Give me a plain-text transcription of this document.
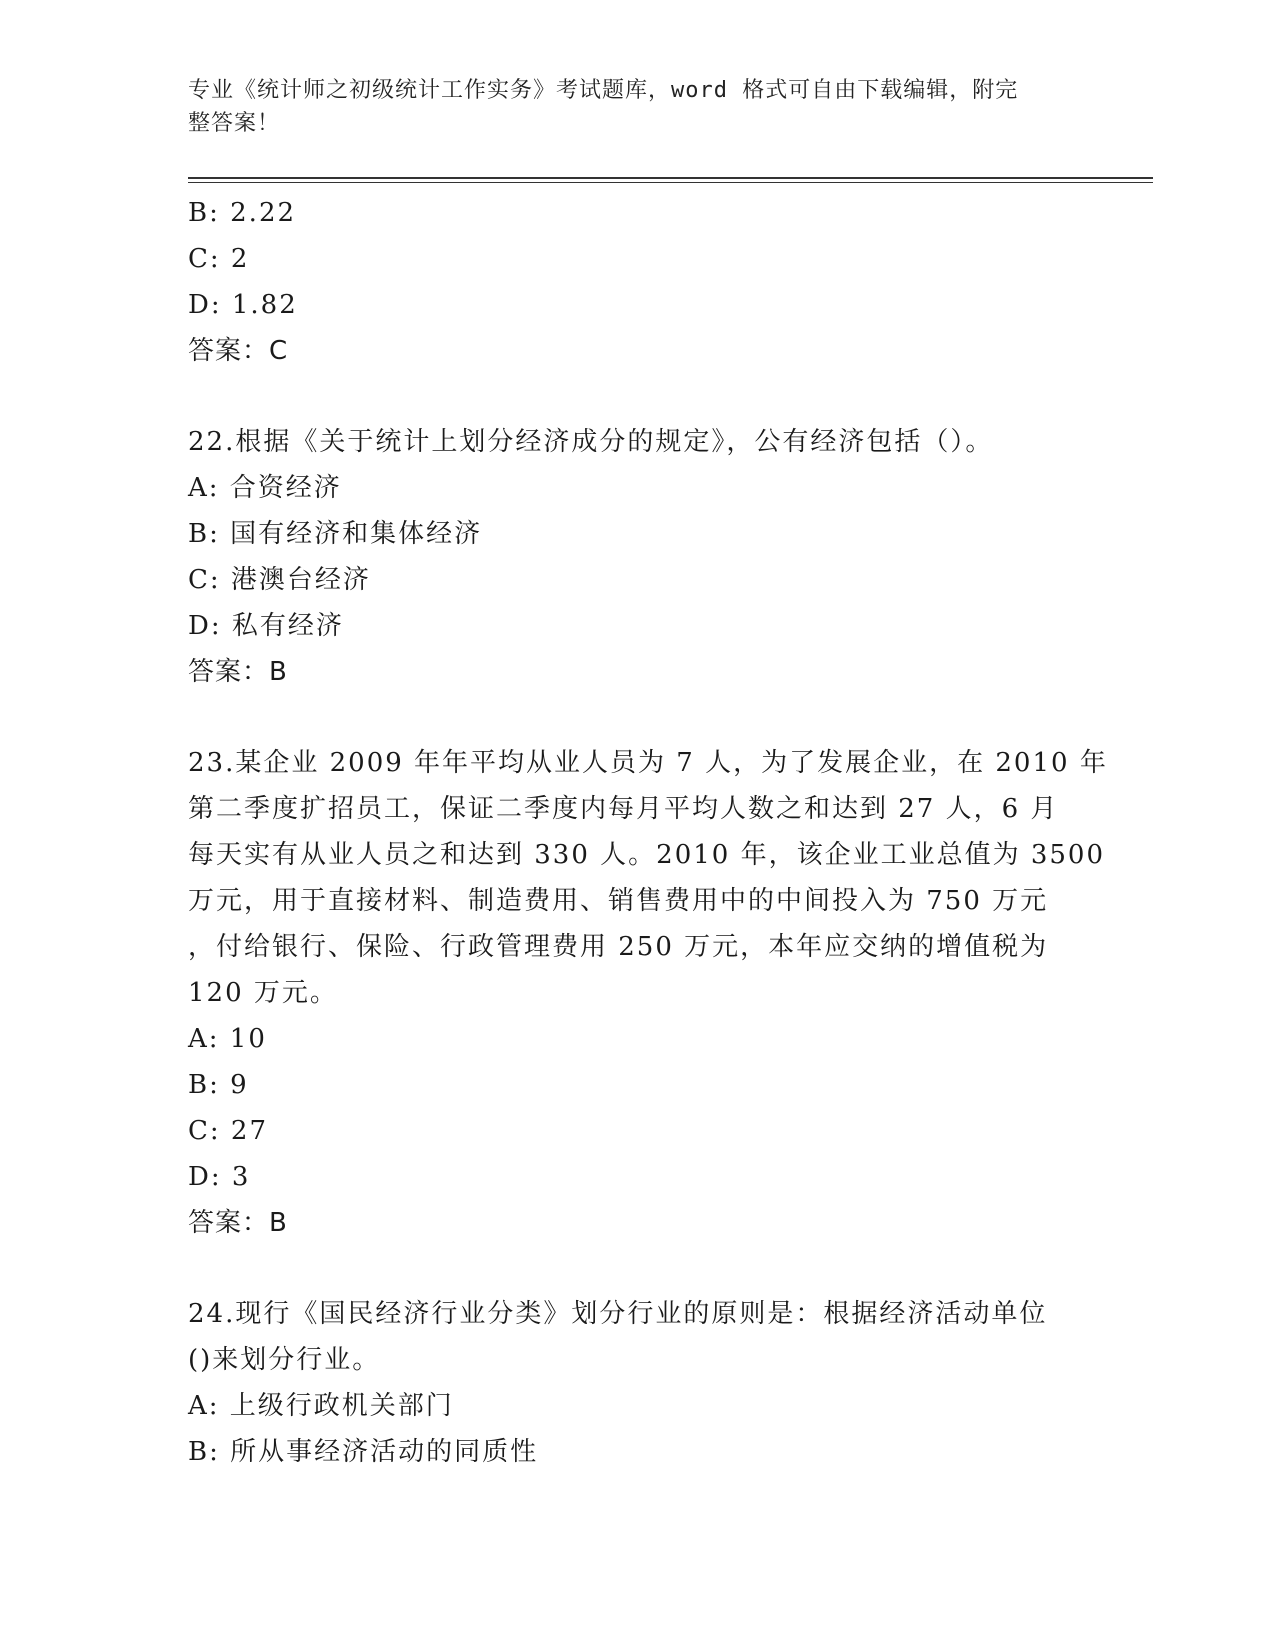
专业《统计师之初级统计工作实务》考试题库，word 格式可自由下载编辑，附完
整答案！
B: 2.22
C: 2
D: 1.82
答案：C
22.根据《关于统计上划分经济成分的规定》，公有经济包括（）。
A: 合资经济
B: 国有经济和集体经济
C: 港澳台经济
D: 私有经济
答案：B
23.某企业 2009 年年平均从业人员为 7 人，为了发展企业，在 2010 年
第二季度扩招员工，保证二季度内每月平均人数之和达到 27 人，6 月
每天实有从业人员之和达到 330 人。2010 年，该企业工业总值为 3500
万元，用于直接材料、制造费用、销售费用中的中间投入为 750 万元
，付给银行、保险、行政管理费用 250 万元，本年应交纳的增值税为
120 万元。
A: 10
B: 9
C: 27
D: 3
答案：B
24.现行《国民经济行业分类》划分行业的原则是：根据经济活动单位
()来划分行业。
A: 上级行政机关部门
B: 所从事经济活动的同质性
